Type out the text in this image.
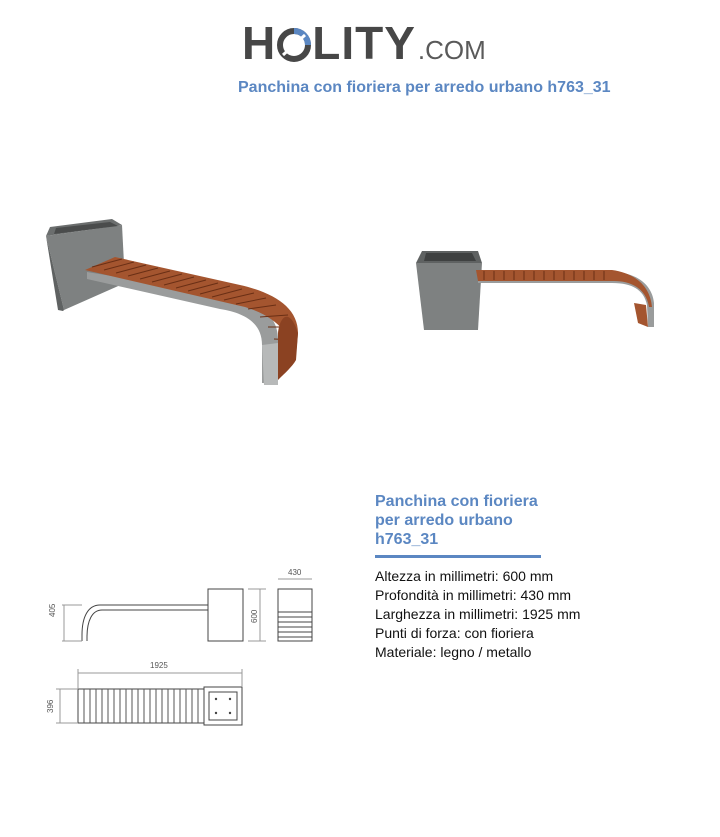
H LITY .COM
Panchina con fioriera per arredo urbano h763_31
405	600
430
1925
396
Panchina con fioriera
per arredo urbano
h763_31
Altezza in millimetri: 600 mm
Profondità in millimetri: 430 mm
Larghezza in millimetri: 1925 mm
Punti di forza: con fioriera
Materiale: legno / metallo
